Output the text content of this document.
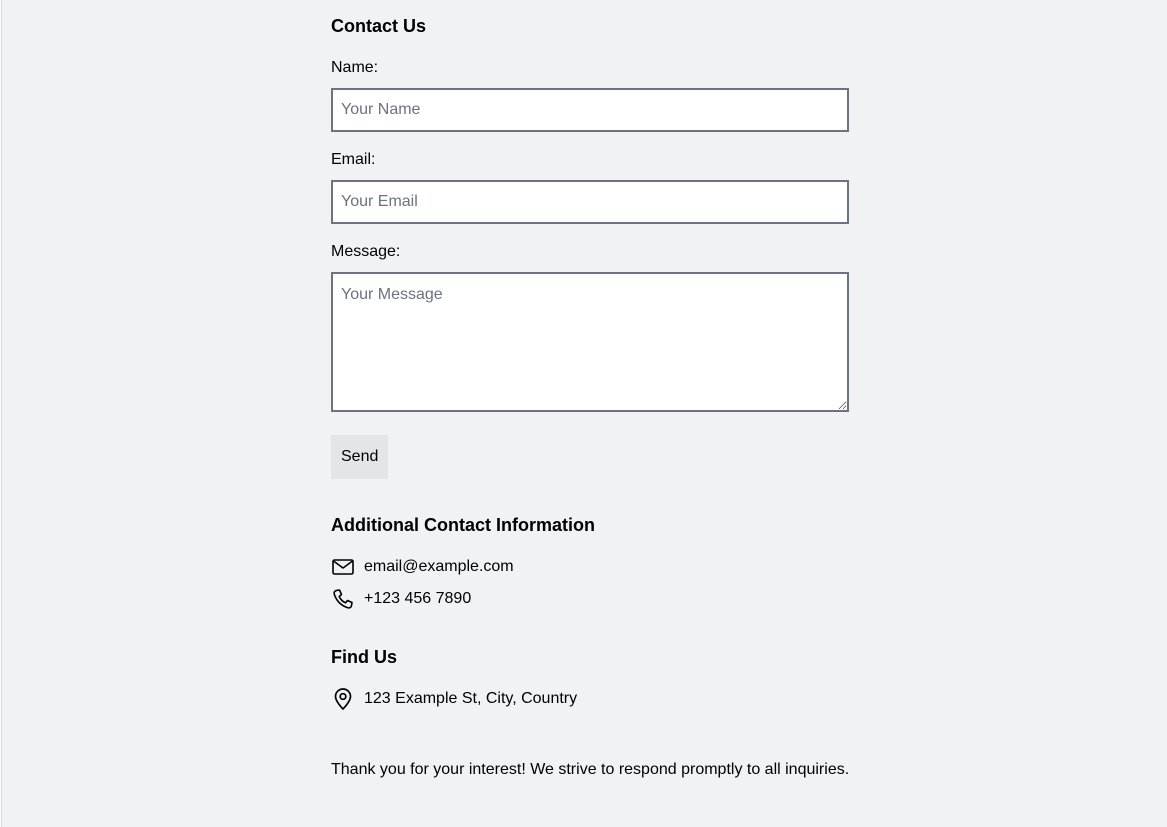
Contact Us
Name:
Your Name
Email:
Your Email
Message:
Your Message
Send
Additional Contact Information
email@example.com
+123 456 7890
Find Us
123 Example St, City, Country

Thank you for your interest! We strive to respond promptly to all inquiries.
